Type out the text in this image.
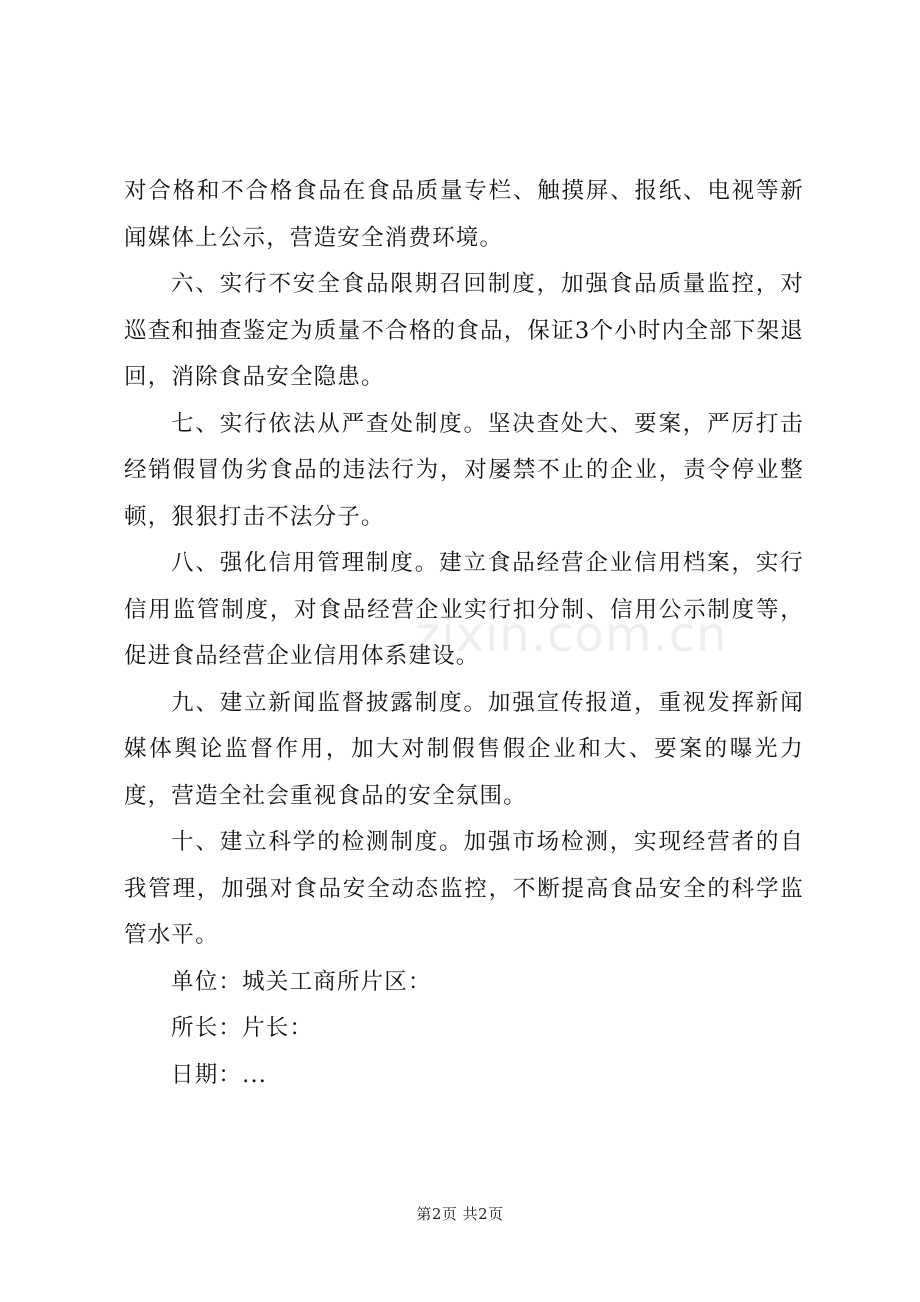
对合格和不合格食品在食品质量专栏、触摸屏、报纸、电视等新闻媒体上公示，营造安全消费环境。

六、实行不安全食品限期召回制度，加强食品质量监控，对巡查和抽查鉴定为质量不合格的食品，保证3个小时内全部下架退回，消除食品安全隐患。

七、实行依法从严查处制度。坚决查处大、要案，严厉打击经销假冒伪劣食品的违法行为，对屡禁不止的企业，责令停业整顿，狠狠打击不法分子。

八、强化信用管理制度。建立食品经营企业信用档案，实行信用监管制度，对食品经营企业实行扣分制、信用公示制度等，促进食品经营企业信用体系建设。

九、建立新闻监督披露制度。加强宣传报道，重视发挥新闻媒体舆论监督作用，加大对制假售假企业和大、要案的曝光力度，营造全社会重视食品的安全氛围。

十、建立科学的检测制度。加强市场检测，实现经营者的自我管理，加强对食品安全动态监控，不断提高食品安全的科学监管水平。

单位：城关工商所片区：

所长：片长：

日期：...

zixin.com.cn
第2页 共2页
